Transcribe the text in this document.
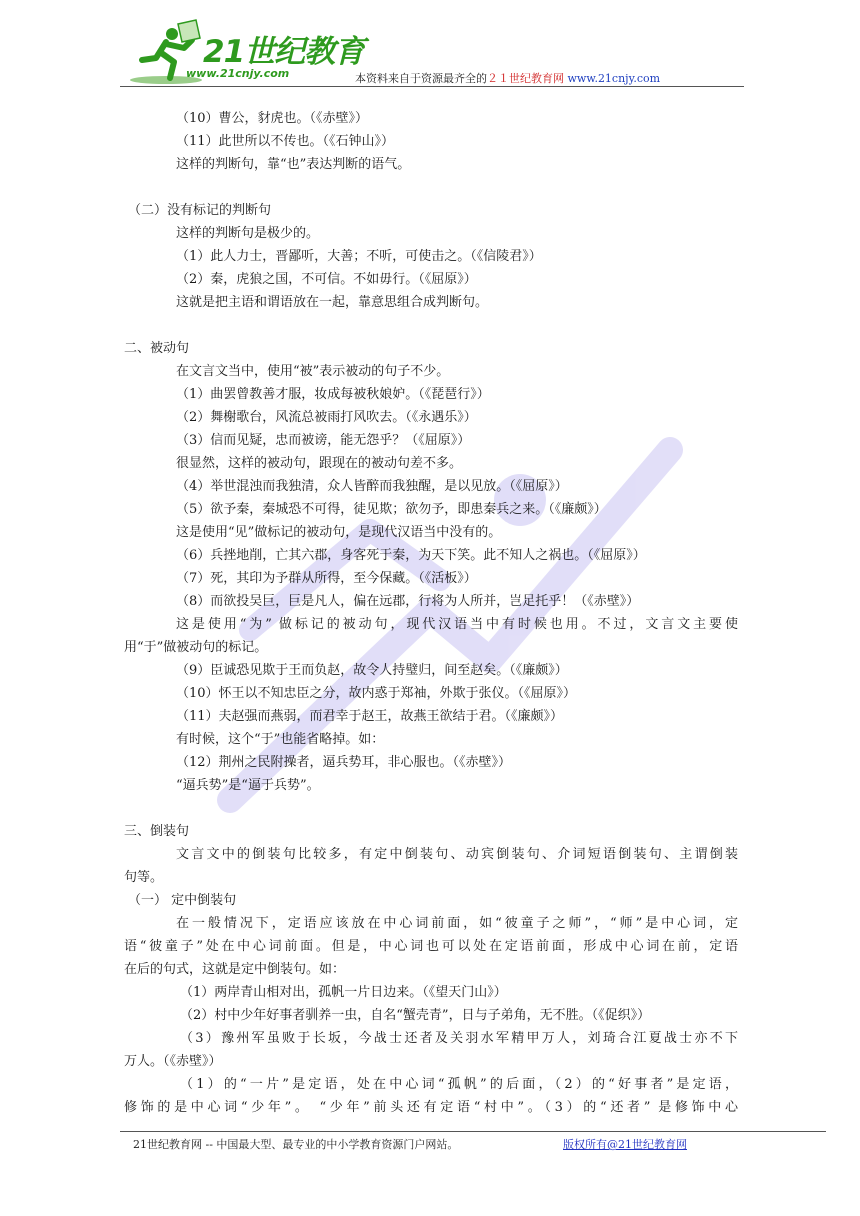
21世纪教育
www.21cnjy.com	本资料来自于资源最齐全的２１世纪教育网 www.21cnjy.com
（10）曹公，豺虎也。（《赤壁》）
（11）此世所以不传也。（《石钟山》）
这样的判断句，靠“也”表达判断的语气。
（二）没有标记的判断句
这样的判断句是极少的。
（1）此人力士，晋鄙听，大善；不听，可使击之。（《信陵君》）
（2）秦，虎狼之国，不可信。不如毋行。（《屈原》）
这就是把主语和谓语放在一起，靠意思组合成判断句。
二、被动句
在文言文当中，使用“被”表示被动的句子不少。
（1）曲罢曾教善才服，妆成每被秋娘妒。（《琵琶行》）
（2）舞榭歌台，风流总被雨打风吹去。（《永遇乐》）
（3）信而见疑，忠而被谤，能无怨乎？（《屈原》）
很显然，这样的被动句，跟现在的被动句差不多。
（4）举世混浊而我独清，众人皆醉而我独醒，是以见放。（《屈原》）
（5）欲予秦，秦城恐不可得，徒见欺；欲勿予，即患秦兵之来。（《廉颇》）
这是使用“见”做标记的被动句，是现代汉语当中没有的。
（6）兵挫地削，亡其六郡，身客死于秦，为天下笑。此不知人之祸也。（《屈原》）
（7）死，其印为予群从所得，至今保藏。（《活板》）
（8）而欲投吴巨，巨是凡人，偏在远郡，行将为人所并，岂足托乎！（《赤壁》）
这是使用“为” 做标记的被动句，现代汉语当中有时候也用。不过，文言文主要使
用“于”做被动句的标记。
（9）臣诚恐见欺于王而负赵，故令人持璧归，间至赵矣。（《廉颇》）
（10）怀王以不知忠臣之分，故内惑于郑袖，外欺于张仪。（《屈原》）
（11）夫赵强而燕弱，而君幸于赵王，故燕王欲结于君。（《廉颇》）
有时候，这个“于”也能省略掉。如：
（12）荆州之民附操者，逼兵势耳，非心服也。（《赤壁》）
“逼兵势”是“逼于兵势”。
三、倒装句
文言文中的倒装句比较多，有定中倒装句、动宾倒装句、介词短语倒装句、主谓倒装
句等。
（一） 定中倒装句
在一般情况下，定语应该放在中心词前面，如“彼童子之师”，“师”是中心词，定
语“彼童子”处在中心词前面。但是，中心词也可以处在定语前面，形成中心词在前，定语
在后的句式，这就是定中倒装句。如：
（1）两岸青山相对出，孤帆一片日边来。（《望天门山》）
（2）村中少年好事者驯养一虫，自名“蟹壳青”，日与子弟角，无不胜。（《促织》）
（3）豫州军虽败于长坂，今战士还者及关羽水军精甲万人，刘琦合江夏战士亦不下
万人。（《赤壁》）
（1）的“一片”是定语，处在中心词“孤帆”的后面，（2）的“好事者”是定语，
修饰的是中心词“少年”。 “少年”前头还有定语“村中”。（3）的“还者” 是修饰中心
21世纪教育网 -- 中国最大型、最专业的中小学教育资源门户网站。	版权所有@21世纪教育网
